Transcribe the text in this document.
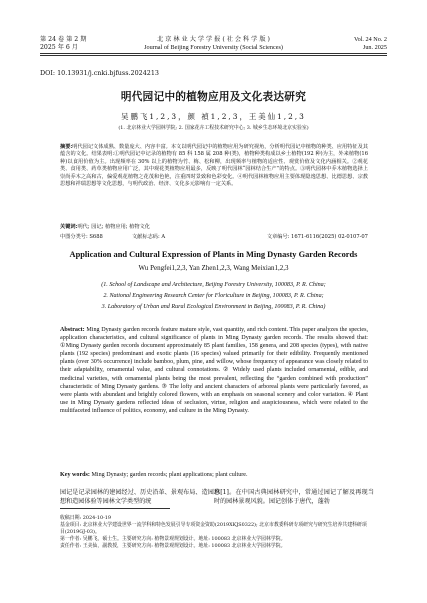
第 24 卷 第 2 期
2025 年 6 月
北 京 林 业 大 学 学 报 ( 社 会 科 学 版 )
Journal of Beijing Forestry University (Social Sciences)
Vol. 24 No. 2
Jun. 2025
DOI: 10.13931/j.cnki.bjfuss.2024213
明代园记中的植物应用及文化表达研究
吴鹏飞1,2,3，颜 禎1,2,3，王美仙1,2,3
(1. 北京林业大学园林学院; 2. 国家花卉工程技术研究中心; 3. 城乡生态环境北京实验室)
摘要:明代园记文体成熟、数量庞大、内容丰富。本文以明代园记中的植物应用为研究视角，分析明代园记中植物的种类、应用特征及其蕴含的文化。结果表明:①明代园记中记录的植物有 85 科 158 属 208 种(类)，植物种类构成以乡土植物(192 种)为主，外来植物(16 种)以食用价值为主。出现频率在 30% 以上的植物为竹、梅、松和柳，出现频率与植物的适应性、观赏价值及文化内涵相关。②观花类、食用类、药草类植物应用广泛，其中观花类植物应用最多，反映了明代园林“园林结合生产”的特点。③明代园林中乔木植物选择上崇尚乔木之高和古，偏爱观花植物之花茂和色艳，注重四时景致和色彩变化。④明代园林植物应用主要体现隐逸思想、比德思想、宗教思想和祥瑞思想等文化思想，与明代政治、经济、文化多元影响有一定关系。
关键词:明代; 园记; 植物应用; 植物文化
中图分类号: S688	文献标志码: A	文章编号: 1671-6116(2025) 02-0107-07
Application and Cultural Expression of Plants in Ming Dynasty Garden Records
Wu Pengfei1,2,3, Yan Zhen1,2,3, Wang Meixian1,2,3
(1. School of Landscape and Architecture, Beijing Forestry University, 100083, P. R. China;
2. National Engineering Research Center for Floriculture in Beijing, 100083, P. R. China;
3. Laboratory of Urban and Rural Ecological Environment in Beijing, 100083, P. R. China)
Abstract: Ming Dynasty garden records feature mature style, vast quantity, and rich content. This paper analyzes the species, application characteristics, and cultural significance of plants in Ming Dynasty garden records. The results showed that: ①Ming Dynasty garden records document approximately 85 plant families, 158 genera, and 208 species (types), with native plants (192 species) predominant and exotic plants (16 species) valued primarily for their edibility. Frequently mentioned plants (over 30% occurrence) include bamboo, plum, pine, and willow, whose frequency of appearance was closely related to their adaptability, ornamental value, and cultural connotations. ② Widely used plants included ornamental, edible, and medicinal varieties, with ornamental plants being the most prevalent, reflecting the “garden combined with production” characteristic of Ming Dynasty gardens. ③ The lofty and ancient characters of arboreal plants were particularly favored, as were plants with abundant and brightly colored flowers, with an emphasis on seasonal scenery and color variation. ④ Plant use in Ming Dynasty gardens reflected ideas of seclusion, virtue, religion and auspiciousness, which were related to the multifaceted influence of politics, economy, and culture in the Ming Dynasty.
Key words: Ming Dynasty; garden records; plant applications; plant culture.
园记是记录园林的建园经过、历史沿革、景观布局、造园思想和造园体验等园林文学类型的统
称[1]。在中国古典园林研究中，常通过园记了解及再现当时的园林景观风貌。园记创体于唐代，蓬勃

收稿日期: 2024-10-19

基金项目: 北京林业大学建设世界一流学科和特色发展引导专项资金资助(2019XKJS0322); 北京市教委科研专项研究与研究生培养共建科研项目(2019GJ-03)。

第一作者: 吴鹏飞，硕士生。主要研究方向: 植物景观规划设计。地址: 100083 北京林业大学园林学院。

责任作者: 王美仙，副教授，主要研究方向: 植物景观规划设计。地址: 100083 北京林业大学园林学院。
